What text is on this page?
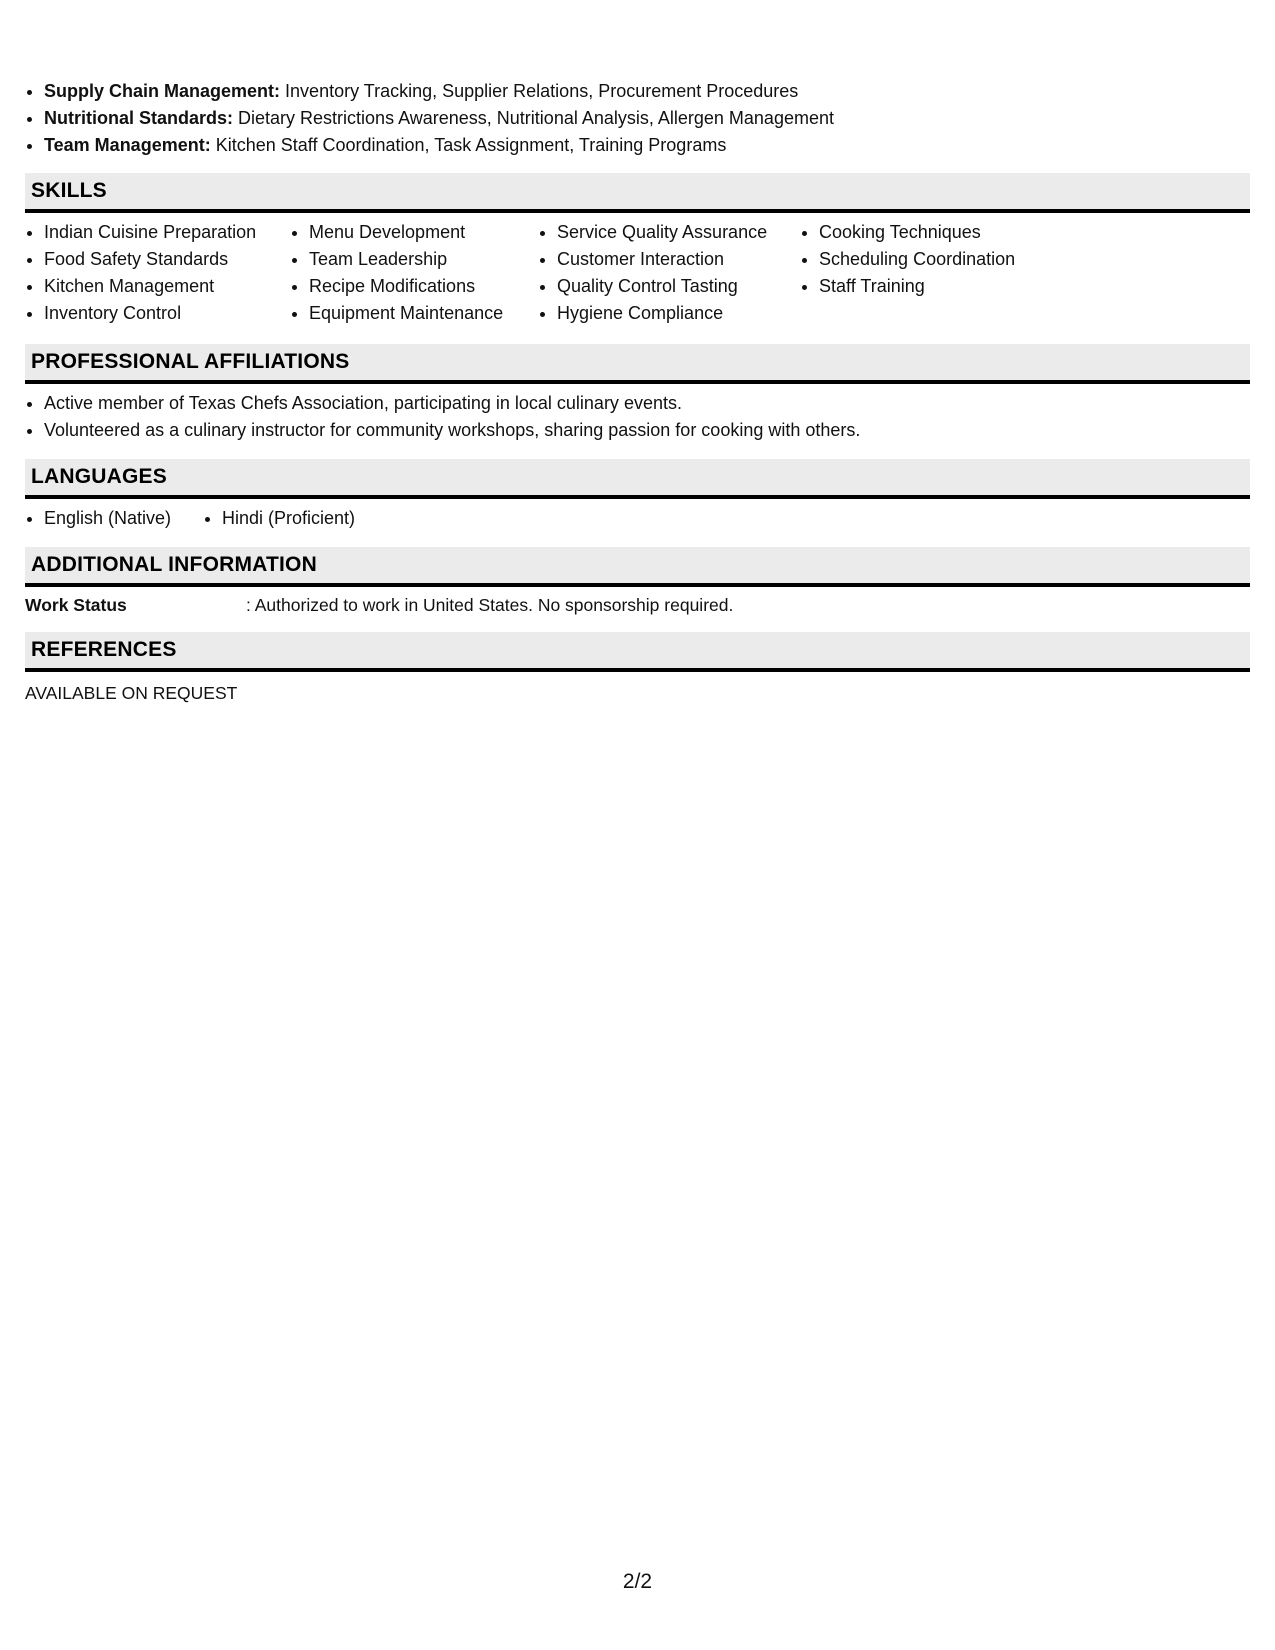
• Supply Chain Management: Inventory Tracking, Supplier Relations, Procurement Procedures
• Nutritional Standards: Dietary Restrictions Awareness, Nutritional Analysis, Allergen Management
• Team Management: Kitchen Staff Coordination, Task Assignment, Training Programs
SKILLS
• Indian Cuisine Preparation
• Food Safety Standards
• Kitchen Management
• Inventory Control
• Menu Development
• Team Leadership
• Recipe Modifications
• Equipment Maintenance
• Service Quality Assurance
• Customer Interaction
• Quality Control Tasting
• Hygiene Compliance
• Cooking Techniques
• Scheduling Coordination
• Staff Training
PROFESSIONAL AFFILIATIONS
• Active member of Texas Chefs Association, participating in local culinary events.
• Volunteered as a culinary instructor for community workshops, sharing passion for cooking with others.
LANGUAGES
• English (Native)
•	Hindi (Proficient)
ADDITIONAL INFORMATION
Work Status	: Authorized to work in United States. No sponsorship required.
REFERENCES
AVAILABLE ON REQUEST
2/2
